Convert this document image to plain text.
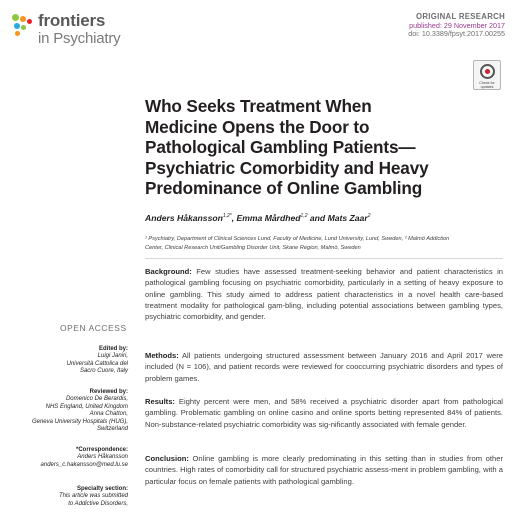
frontiers
in Psychiatry
ORIGINAL RESEARCH
published: 29 November 2017
doi: 10.3389/fpsyt.2017.00255
Check for updates
Who Seeks Treatment When
Medicine Opens the Door to
Pathological Gambling Patients—
Psychiatric Comorbidity and Heavy
Predominance of Online Gambling
Anders Håkansson$^{1,2*}$, Emma Mårdhed$^{1,2}$ and Mats Zaar$^2$
¹ Psychiatry, Department of Clinical Sciences Lund, Faculty of Medicine, Lund University, Lund, Sweden, ² Malmö Addiction
Center, Clinical Research Unit/Gambling Disorder Unit, Skane Region, Malmö, Sweden
OPEN ACCESS
Edited by:
Luigi Janiri,
Università Cattolica del
Sacro Cuore, Italy
Reviewed by:
Domenico De Berardis,
NHS England, United Kingdom
Anna Chatton,
Geneva University Hospitals (HUG),
Switzerland
*Correspondence:
Anders Håkansson
anders_c.hakansson@med.lu.se
Specialty section:
This article was submitted
to Addictive Disorders,
Background: Few studies have assessed treatment-seeking behavior and patient characteristics in pathological gambling focusing on psychiatric comorbidity, particularly in a setting of heavy exposure to online gambling. This study aimed to address patient characteristics in a novel health care-based treatment modality for pathological gam-bling, including potential associations between gambling types, psychiatric comorbidity, and gender.
Methods: All patients undergoing structured assessment between January 2016 and April 2017 were included (N = 106), and patient records were reviewed for cooccurring psychiatric disorders and types of problem games.
Results: Eighty percent were men, and 58% received a psychiatric disorder apart from pathological gambling. Problematic gambling on online casino and online sports betting represented 84% of patients. Non-substance-related psychiatric comorbidity was sig-nificantly associated with female gender.
Conclusion: Online gambling is more clearly predominating in this setting than in studies from other countries. High rates of comorbidity call for structured psychiatric assess-ment in problem gambling, with a particular focus on female patients with pathological gambling.
